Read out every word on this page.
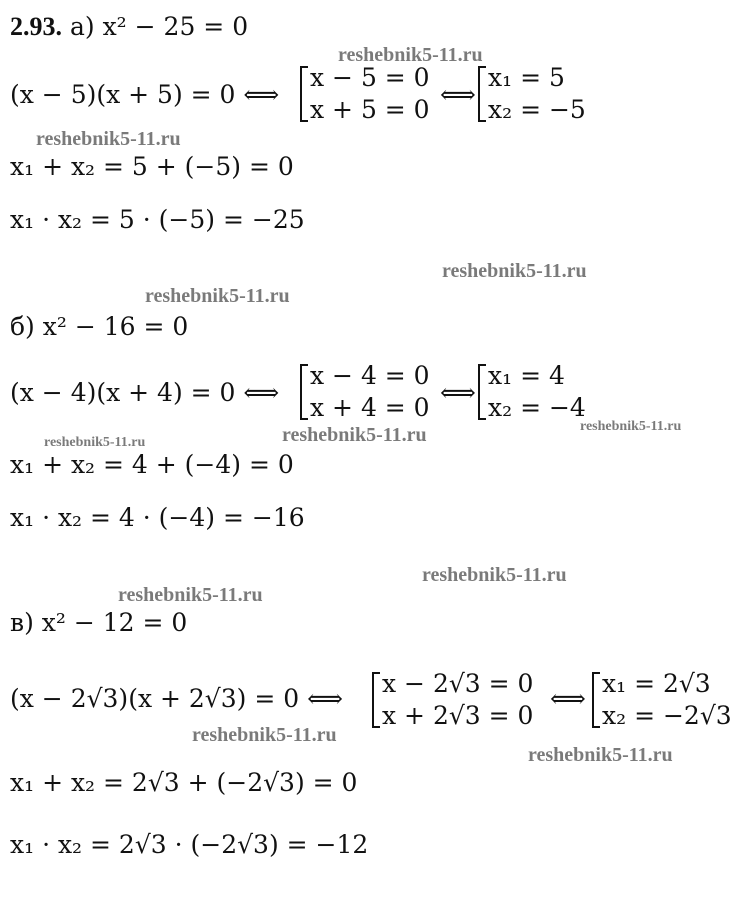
2.93. а) x² − 25 = 0
reshebnik5-11.ru
(x − 5)(x + 5) = 0 ⟺
x − 5 = 0
x + 5 = 0
⟺
x₁ = 5
x₂ = −5
reshebnik5-11.ru
x₁ + x₂ = 5 + (−5) = 0
x₁ · x₂ = 5 · (−5) = −25
reshebnik5-11.ru
reshebnik5-11.ru
б) x² − 16 = 0
(x − 4)(x + 4) = 0 ⟺
x − 4 = 0
x + 4 = 0
⟺
x₁ = 4
x₂ = −4
reshebnik5-11.ru	reshebnik5-11.ru	reshebnik5-11.ru
x₁ + x₂ = 4 + (−4) = 0
x₁ · x₂ = 4 · (−4) = −16
reshebnik5-11.ru
reshebnik5-11.ru
в) x² − 12 = 0
(x − 2√3)(x + 2√3) = 0 ⟺
x − 2√3 = 0
x + 2√3 = 0
⟺
x₁ = 2√3
x₂ = −2√3
reshebnik5-11.ru
reshebnik5-11.ru
x₁ + x₂ = 2√3 + (−2√3) = 0
x₁ · x₂ = 2√3 · (−2√3) = −12
